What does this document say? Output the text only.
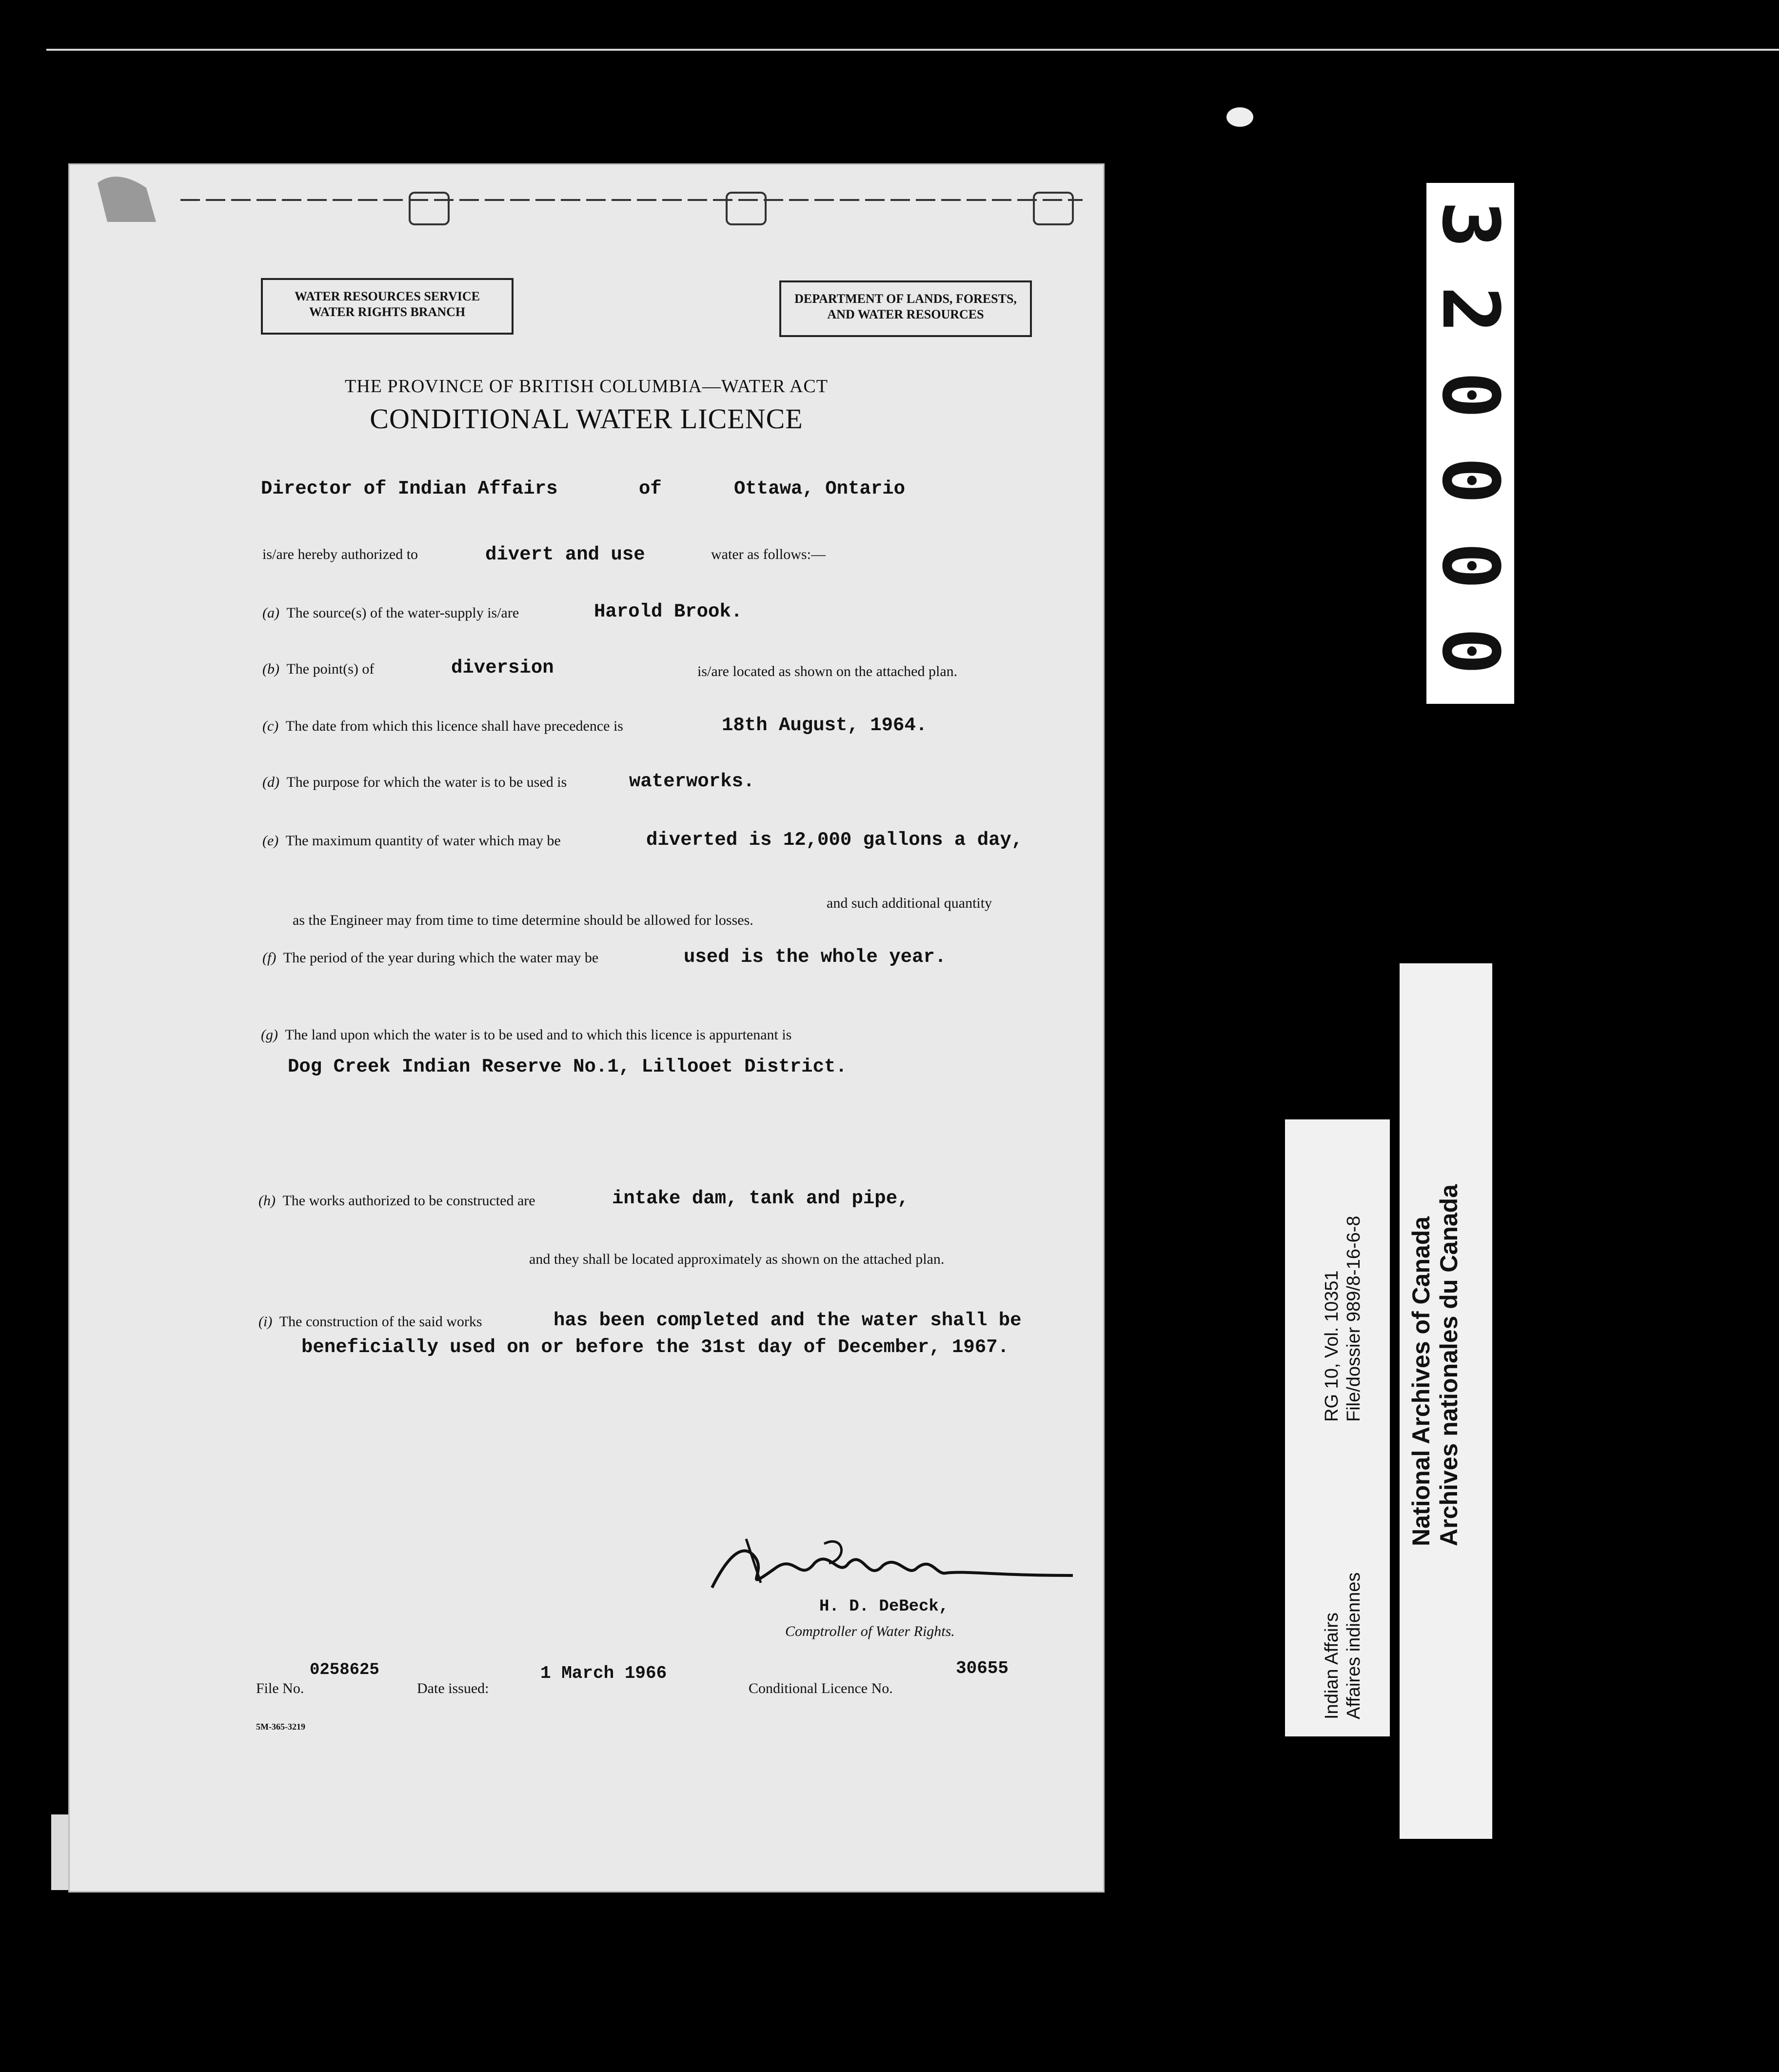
WATER RESOURCES SERVICE
WATER RIGHTS BRANCH
DEPARTMENT OF LANDS, FORESTS,
AND WATER RESOURCES
THE PROVINCE OF BRITISH COLUMBIA—WATER ACT
CONDITIONAL WATER LICENCE
Director of Indian Affairs	of	Ottawa, Ontario
is/are hereby authorized to	divert and use	water as follows:—
(a) The source(s) of the water-supply is/are	Harold Brook.
(b) The point(s) of	diversion	is/are located as shown on the attached plan.
(c) The date from which this licence shall have precedence is	18th August, 1964.
(d) The purpose for which the water is to be used is	waterworks.
(e) The maximum quantity of water which may be	diverted is 12,000 gallons a day,
and such additional quantity
as the Engineer may from time to time determine should be allowed for losses.
(f) The period of the year during which the water may be	used is the whole year.
(g) The land upon which the water is to be used and to which this licence is appurtenant is
Dog Creek Indian Reserve No.1, Lillooet District.
(h) The works authorized to be constructed are	intake dam, tank and pipe,
and they shall be located approximately as shown on the attached plan.
(i) The construction of the said works	has been completed and the water shall be
beneficially used on or before the 31st day of December, 1967.
H. D. DeBeck,
Comptroller of Water Rights.
File No.
0258625
Date issued:
1 March 1966
Conditional Licence No.
30655
5M-365-3219
3
2
0
0
0
0
Indian Affairs Affaires indiennes
RG 10, Vol. 10351 File/dossier 989/8-16-6-8 National Archives of Canada Archives nationales du Canada
